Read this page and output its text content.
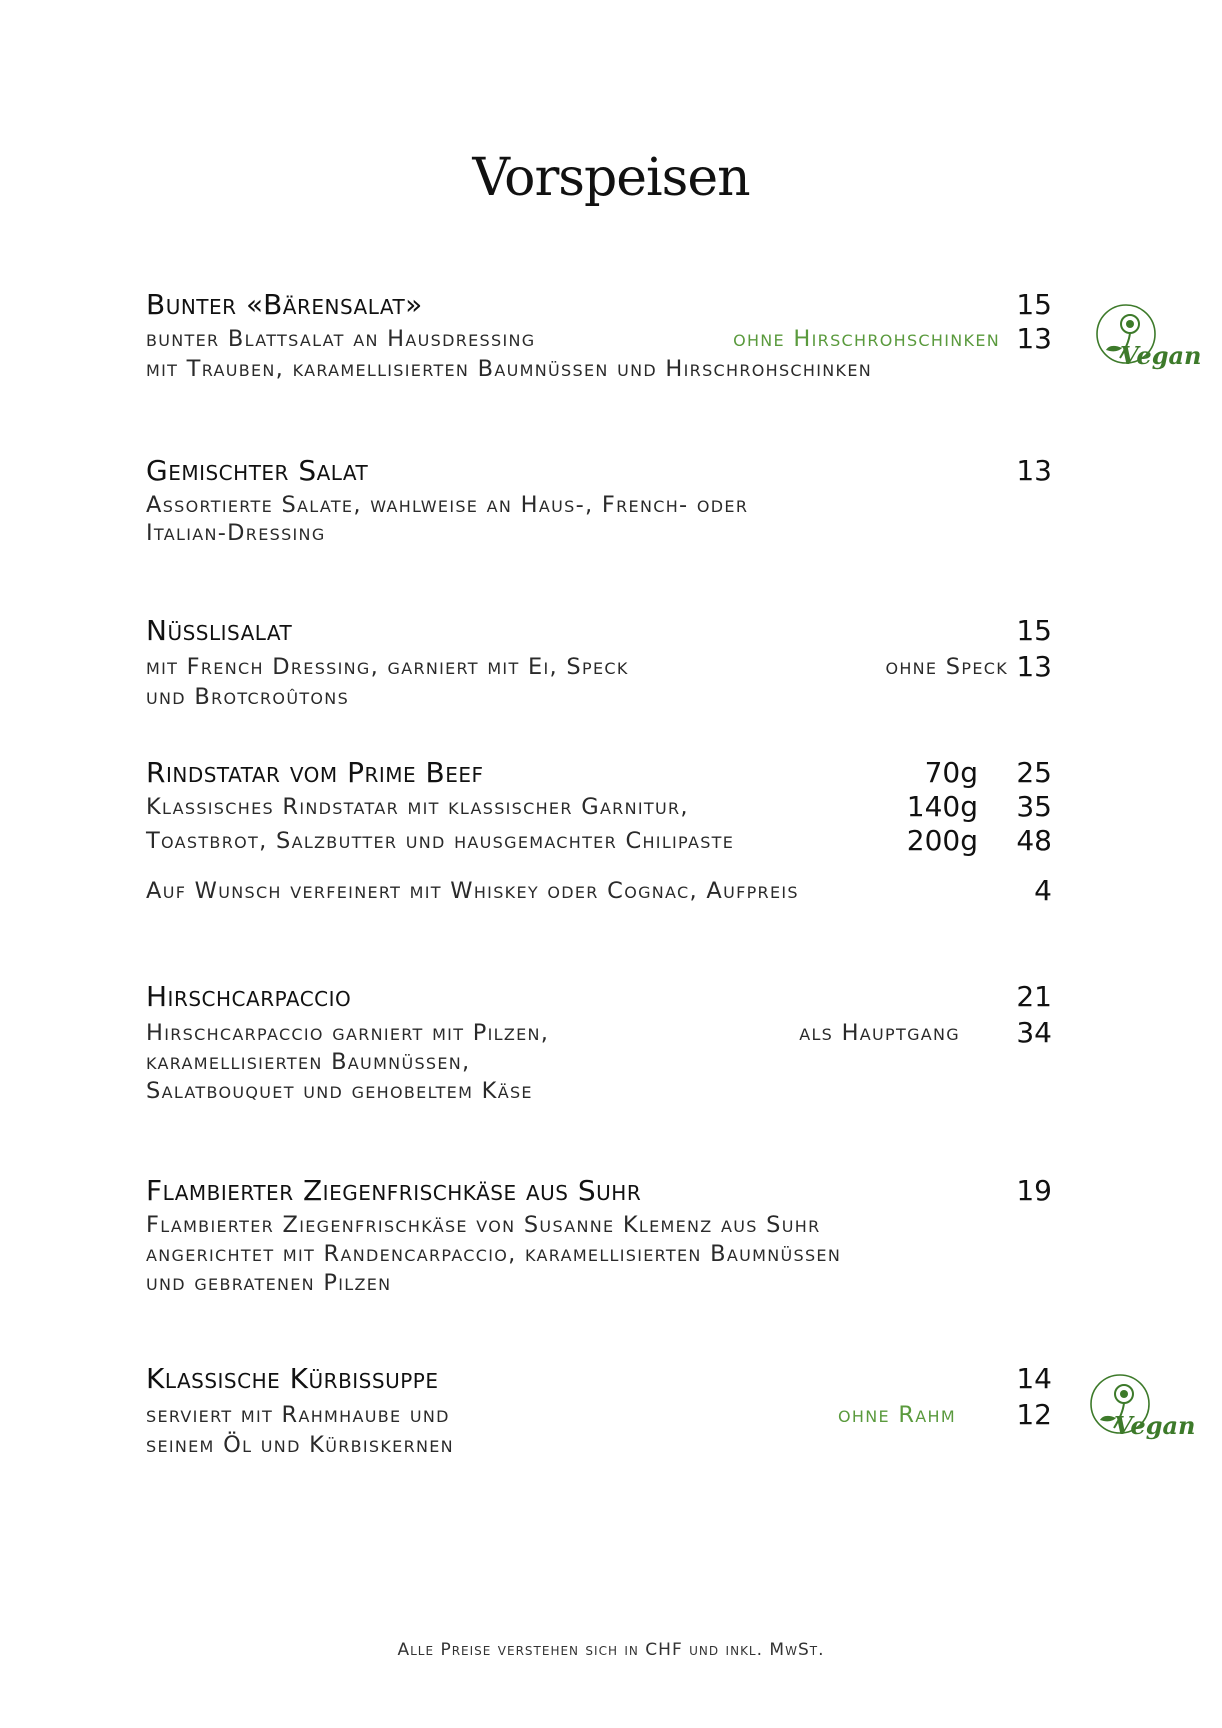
Vorspeisen
Bunter «Bärensalat»	15
bunter Blattsalat an Hausdressing	ohne Hirschrohschinken 13
mit Trauben, karamellisierten Baumnüssen und Hirschrohschinken	Vegan
Gemischter Salat	13
Assortierte Salate, wahlweise an Haus-, French- oder
Italian-Dressing
Nüsslisalat	15
mit French Dressing, garniert mit Ei, Speck	ohne Speck 13
und Brotcroûtons
Rindstatar vom Prime Beef	70g 25
Klassisches Rindstatar mit klassischer Garnitur,	140g 35
Toastbrot, Salzbutter und hausgemachter Chilipaste	200g 48
Auf Wunsch verfeinert mit Whiskey oder Cognac, Aufpreis	4
Hirschcarpaccio	21
Hirschcarpaccio garniert mit Pilzen,	als Hauptgang 34
karamellisierten Baumnüssen,
Salatbouquet und gehobeltem Käse
Flambierter Ziegenfrischkäse aus Suhr	19
Flambierter Ziegenfrischkäse von Susanne Klemenz aus Suhr
angerichtet mit Randencarpaccio, karamellisierten Baumnüssen
und gebratenen Pilzen
Klassische Kürbissuppe	14
serviert mit Rahmhaube und	ohne Rahm 12
seinem Öl und Kürbiskernen
Vegan
Alle Preise verstehen sich in CHF und inkl. MwSt.
